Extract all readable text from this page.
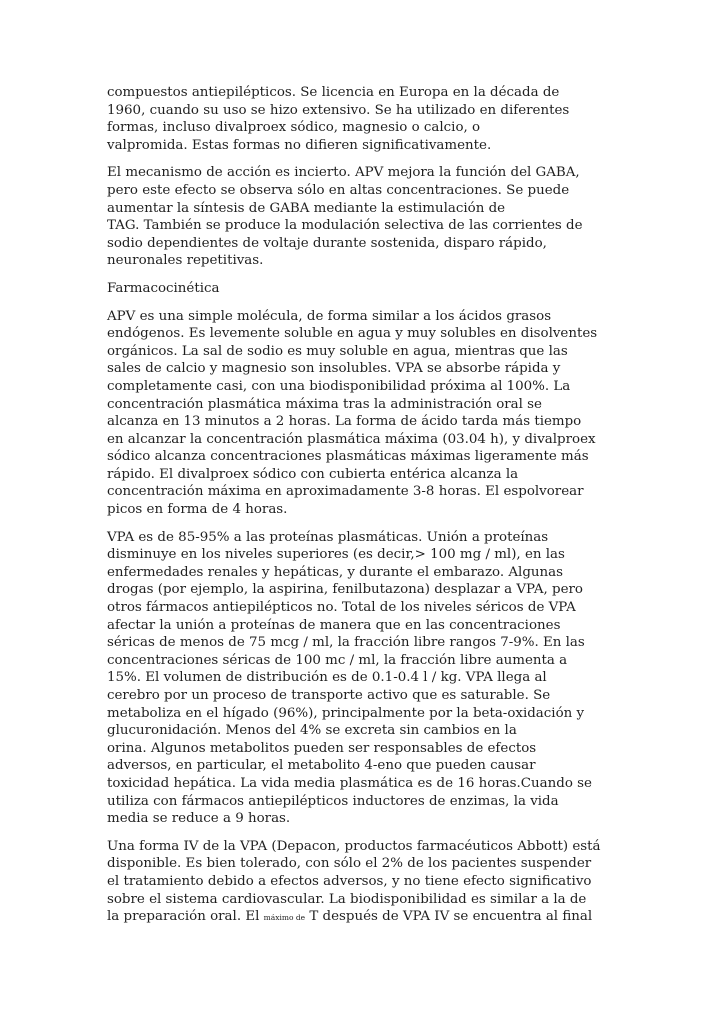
compuestos antiepilépticos. Se licencia en Europa en la década de
1960, cuando su uso se hizo extensivo. Se ha utilizado en diferentes
formas, incluso divalproex sódico, magnesio o calcio, o
valpromida. Estas formas no difieren significativamente.
El mecanismo de acción es incierto. APV mejora la función del GABA,
pero este efecto se observa sólo en altas concentraciones. Se puede
aumentar la síntesis de GABA mediante la estimulación de
TAG. También se produce la modulación selectiva de las corrientes de
sodio dependientes de voltaje durante sostenida, disparo rápido,
neuronales repetitivas.
Farmacocinética
APV es una simple molécula, de forma similar a los ácidos grasos
endógenos. Es levemente soluble en agua y muy solubles en disolventes
orgánicos. La sal de sodio es muy soluble en agua, mientras que las
sales de calcio y magnesio son insolubles. VPA se absorbe rápida y
completamente casi, con una biodisponibilidad próxima al 100%. La
concentración plasmática máxima tras la administración oral se
alcanza en 13 minutos a 2 horas. La forma de ácido tarda más tiempo
en alcanzar la concentración plasmática máxima (03.04 h), y divalproex
sódico alcanza concentraciones plasmáticas máximas ligeramente más
rápido. El divalproex sódico con cubierta entérica alcanza la
concentración máxima en aproximadamente 3-8 horas. El espolvorear
picos en forma de 4 horas.
VPA es de 85-95% a las proteínas plasmáticas. Unión a proteínas
disminuye en los niveles superiores (es decir,> 100 mg / ml), en las
enfermedades renales y hepáticas, y durante el embarazo. Algunas
drogas (por ejemplo, la aspirina, fenilbutazona) desplazar a VPA, pero
otros fármacos antiepilépticos no. Total de los niveles séricos de VPA
afectar la unión a proteínas de manera que en las concentraciones
séricas de menos de 75 mcg / ml, la fracción libre rangos 7-9%. En las
concentraciones séricas de 100 mc / ml, la fracción libre aumenta a
15%. El volumen de distribución es de 0.1-0.4 l / kg. VPA llega al
cerebro por un proceso de transporte activo que es saturable. Se
metaboliza en el hígado (96%), principalmente por la beta-oxidación y
glucuronidación. Menos del 4% se excreta sin cambios en la
orina. Algunos metabolitos pueden ser responsables de efectos
adversos, en particular, el metabolito 4-eno que pueden causar
toxicidad hepática. La vida media plasmática es de 16 horas.Cuando se
utiliza con fármacos antiepilépticos inductores de enzimas, la vida
media se reduce a 9 horas.
Una forma IV de la VPA (Depacon, productos farmacéuticos Abbott) está
disponible. Es bien tolerado, con sólo el 2% de los pacientes suspender
el tratamiento debido a efectos adversos, y no tiene efecto significativo
sobre el sistema cardiovascular. La biodisponibilidad es similar a la de
la preparación oral. El máximo de T después de VPA IV se encuentra al final
